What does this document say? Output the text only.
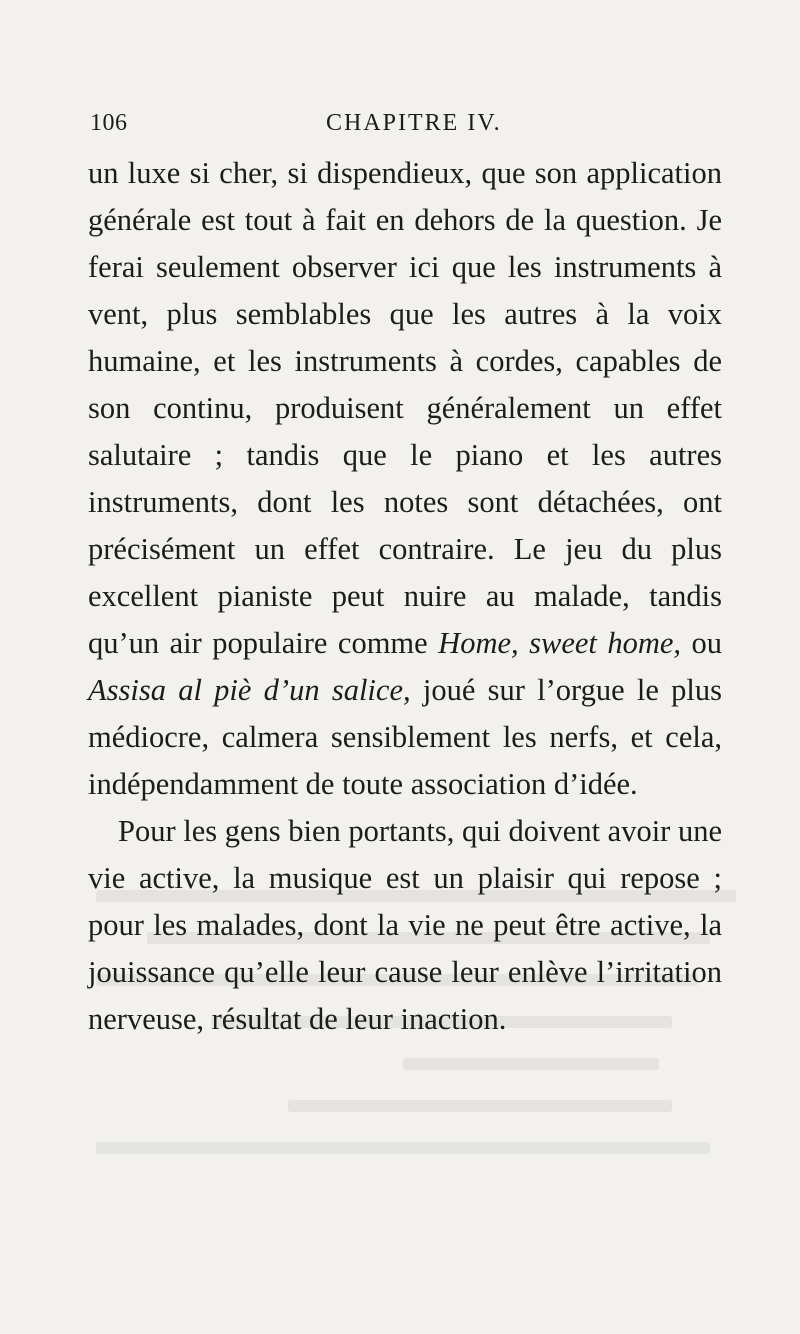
106	CHAPITRE IV.

un luxe si cher, si dispendieux, que son application générale est tout à fait en dehors de la question. Je ferai seulement observer ici que les instruments à vent, plus semblables que les autres à la voix humaine, et les instruments à cordes, capables de son continu, produisent généralement un effet salutaire ; tandis que le piano et les autres instruments, dont les notes sont détachées, ont précisément un effet contraire. Le jeu du plus excellent pianiste peut nuire au malade, tandis qu’un air populaire comme Home, sweet home, ou Assisa al piè d’un salice, joué sur l’orgue le plus médiocre, calmera sensiblement les nerfs, et cela, indépendamment de toute association d’idée.

Pour les gens bien portants, qui doivent avoir une vie active, la musique est un plaisir qui repose ; pour les malades, dont la vie ne peut être active, la jouissance qu’elle leur cause leur enlève l’irritation nerveuse, résultat de leur inaction.
